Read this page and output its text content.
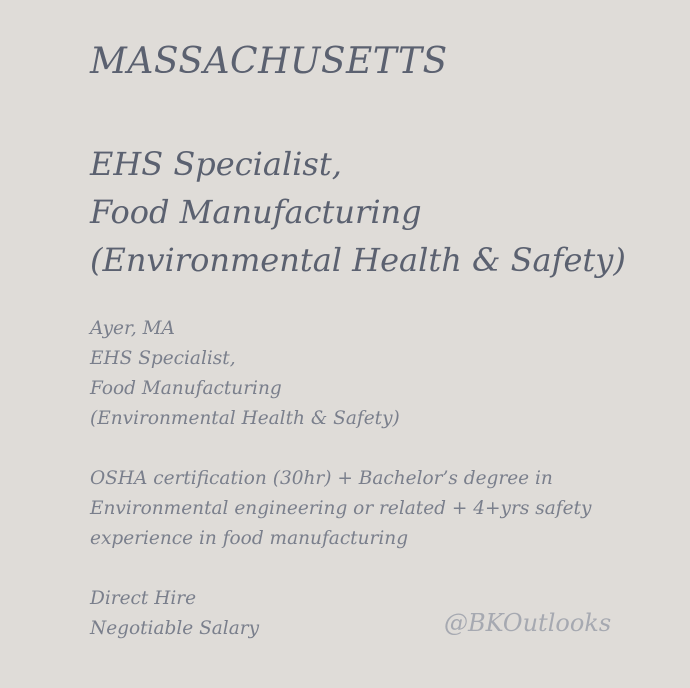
MASSACHUSETTS
EHS Specialist,
Food Manufacturing
(Environmental Health & Safety)
Ayer, MA
EHS Specialist,
Food Manufacturing
(Environmental Health & Safety)
OSHA certification (30hr) + Bachelor’s degree in
Environmental engineering or related + 4+yrs safety
experience in food manufacturing
Direct Hire
Negotiable Salary	@BKOutlooks
